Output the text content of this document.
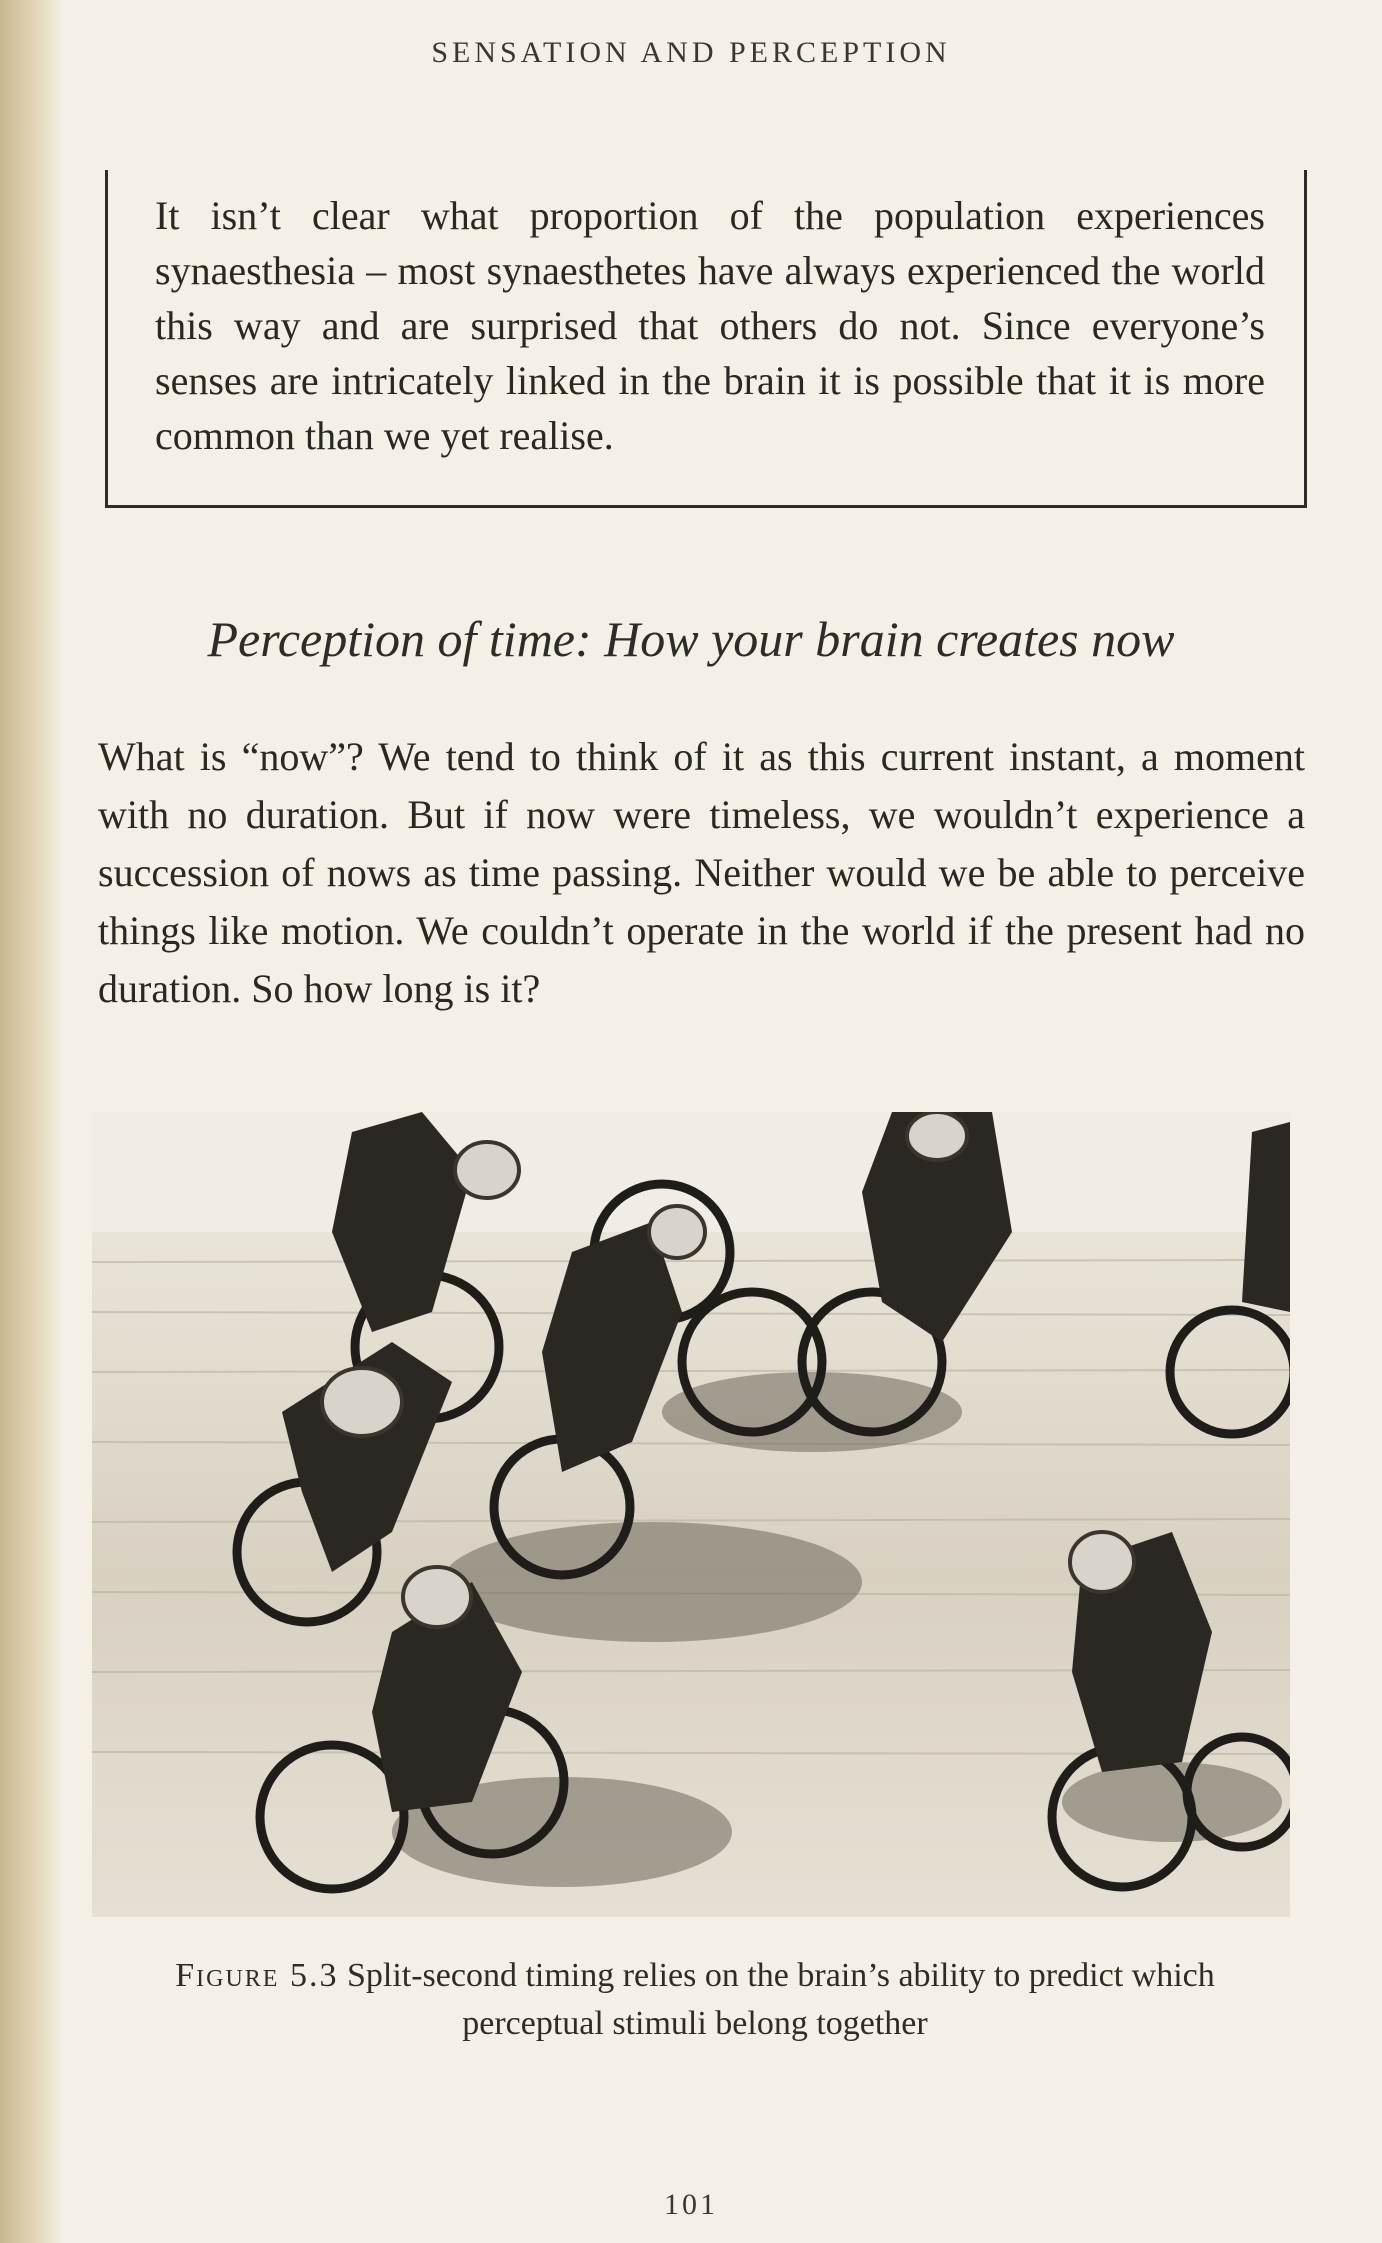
SENSATION AND PERCEPTION

It isn’t clear what proportion of the population experiences synaesthesia – most synaesthetes have always experienced the world this way and are surprised that others do not. Since everyone’s senses are intricately linked in the brain it is possible that it is more common than we yet realise.

Perception of time: How your brain creates now

What is “now”? We tend to think of it as this current instant, a moment with no duration. But if now were timeless, we wouldn’t experience a succession of nows as time passing. Neither would we be able to perceive things like motion. We couldn’t operate in the world if the present had no duration. So how long is it?

Figure 5.3 Split-second timing relies on the brain’s ability to predict which perceptual stimuli belong together

101
